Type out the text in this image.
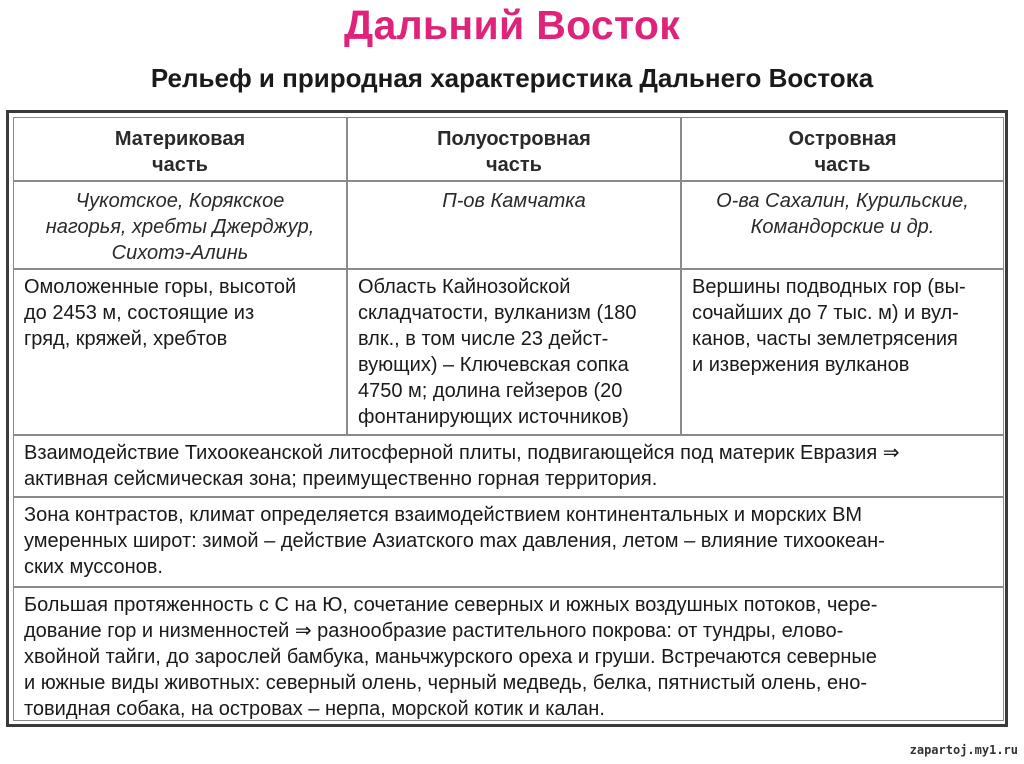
Дальний Восток
Рельеф и природная характеристика Дальнего Востока
Материковая
часть
Полуостровная
часть
Островная
часть
Чукотское, Корякское
нагорья, хребты Джерджур,
Сихотэ-Алинь
П-ов Камчатка	О-ва Сахалин, Курильские,
Командорские и др.
Омоложенные горы, высотой
до 2453 м, состоящие из
гряд, кряжей, хребтов
Область Кайнозойской
складчатости, вулканизм (180
влк., в том числе 23 дейст-
вующих) – Ключевская сопка
4750 м; долина гейзеров (20
фонтанирующих источников)
Вершины подводных гор (вы-
сочайших до 7 тыс. м) и вул-
канов, часты землетрясения
и извержения вулканов
Взаимодействие Тихоокеанской литосферной плиты, подвигающейся под материк Евразия ⇒
активная сейсмическая зона; преимущественно горная территория.
Зона контрастов, климат определяется взаимодействием континентальных и морских ВМ
умеренных широт: зимой – действие Азиатского max давления, летом – влияние тихоокеан-
ских муссонов.
Большая протяженность с С на Ю, сочетание северных и южных воздушных потоков, чере-
дование гор и низменностей ⇒ разнообразие растительного покрова: от тундры, елово-
хвойной тайги, до зарослей бамбука, маньчжурского ореха и груши. Встречаются северные
и южные виды животных: северный олень, черный медведь, белка, пятнистый олень, ено-
товидная собака, на островах – нерпа, морской котик и калан.
zapartoj.my1.ru
